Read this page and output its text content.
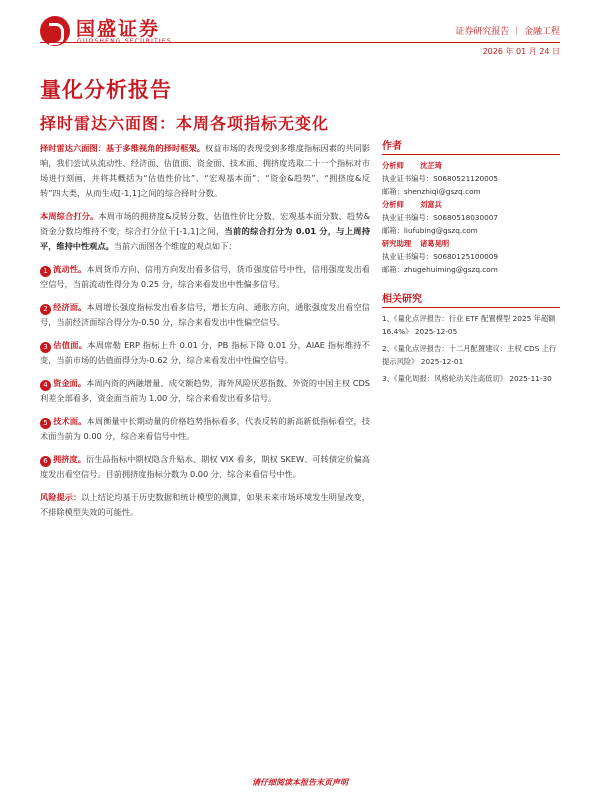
国盛证券	证券研究报告 ｜ 金融工程
2026 年 01 月 24 日
量化分析报告
择时雷达六面图：本周各项指标无变化

择时雷达六面图：基于多维视角的择时框架。权益市场的表现受到多维度指标因素的共同影响，我们尝试从流动性、经济面、估值面、资金面、技术面、拥挤度选取二十一个指标对市场进行刻画，并将其概括为“估值性价比”、“宏观基本面”、“资金&趋势”、“拥挤度&反转”四大类，从而生成[-1,1]之间的综合择时分数。

本周综合打分。本周市场的拥挤度&反转分数、估值性价比分数、宏观基本面分数、趋势&资金分数均维持不变，综合打分位于[-1,1]之间，当前的综合打分为 0.01 分，与上周持平，维持中性观点。当前六面图各个维度的观点如下：

1 流动性。本周货币方向、信用方向发出看多信号，货币强度信号中性，信用强度发出看空信号，当前流动性得分为 0.25 分，综合来看发出中性偏多信号。

2 经济面。本周增长强度指标发出看多信号，增长方向、通胀方向，通胀强度发出看空信号，当前经济面综合得分为-0.50 分，综合来看发出中性偏空信号。

3 估值面。本周席勒 ERP 指标上升 0.01 分，PB 指标下降 0.01 分，AIAE 指标维持不变，当前市场的估值面得分为-0.62 分，综合来看发出中性偏空信号。

4 资金面。本周内资的两融增量、成交额趋势，海外风险厌恶指数、外资的中国主权 CDS 利差全部看多，资金面当前为 1.00 分，综合来看发出看多信号。

5 技术面。本周衡量中长期动量的价格趋势指标看多，代表反转的新高新低指标看空，技术面当前为 0.00 分，综合来看信号中性。

6 拥挤度。衍生品指标中期权隐含升贴水、期权 VIX 看多，期权 SKEW、可转债定价偏高度发出看空信号。目前拥挤度指标分数为 0.00 分，综合来看信号中性。

风险提示：以上结论均基于历史数据和统计模型的测算，如果未来市场环境发生明显改变，不排除模型失效的可能性。

作者
分析师 沈芷琦
执业证书编号：S0680521120005
邮箱：shenzhiqi@gszq.com
分析师 刘富兵
执业证书编号：S0680518030007
邮箱：liufubing@gszq.com
研究助理 诸葛晃明
执业证书编号：S0680125100009
邮箱：zhugehuiming@gszq.com
相关研究
1、《量化点评报告：行业 ETF 配置模型 2025 年超额 16.4%》 2025-12-05
2、《量化点评报告：十二月配置建议：主权 CDS 上行提示风险》 2025-12-01
3、《量化周报：风格轮动关注高低切》 2025-11-30
请仔细阅读本报告末页声明
